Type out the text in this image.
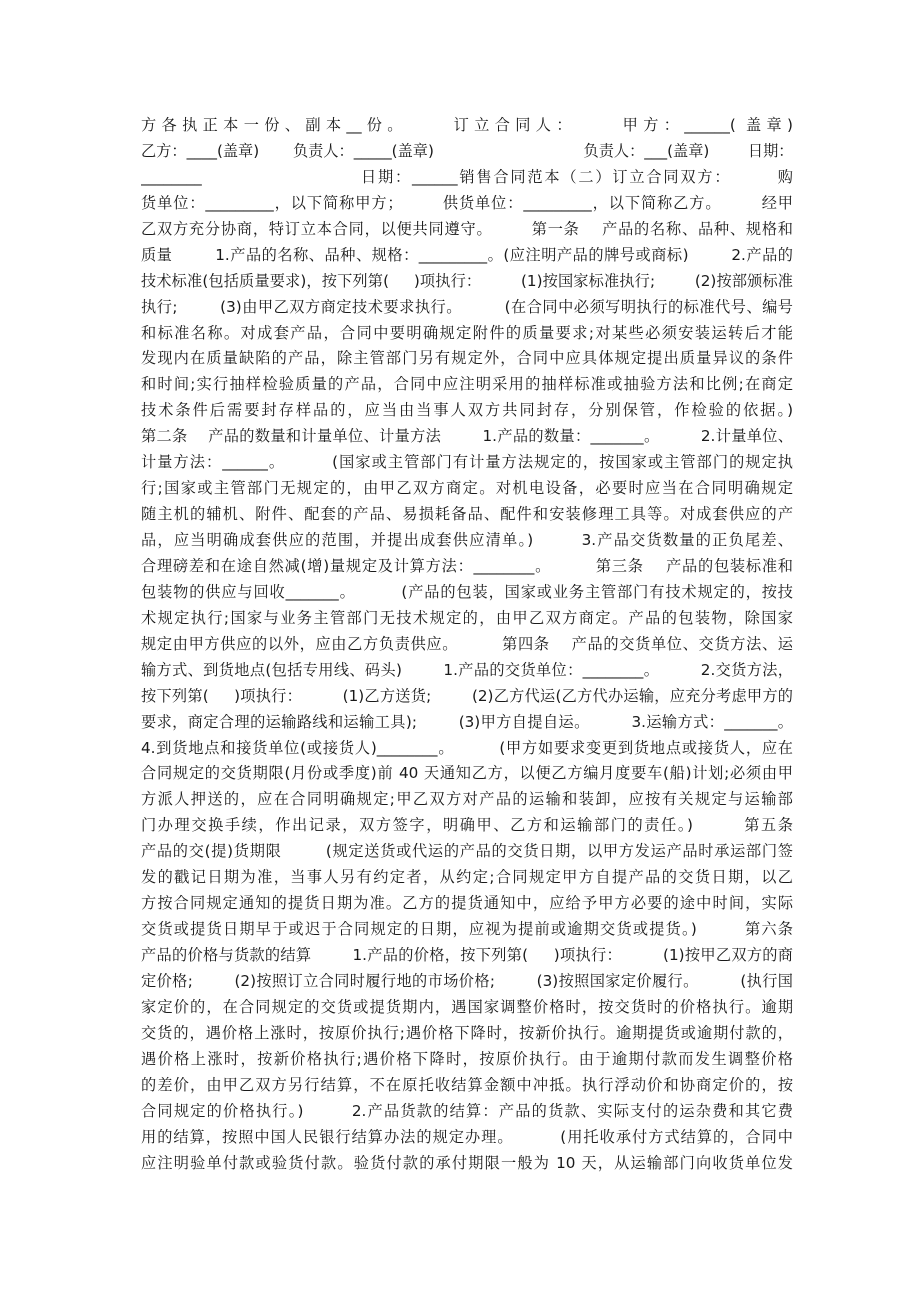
方 各 执 正 本 一 份 、 副 本 __ 份 。          订 立 合 同 人 ：          甲 方 ： ______(  盖 章 )
乙方：____(盖章)       负责人：_____(盖章)                               负责人：___(盖章)        日期：
________                        日期：______销售合同范本（二）订立合同双方：       购
货单位：_________，以下简称甲方；       供货单位：_________，以下简称乙方。       经甲
乙双方充分协商，特订立本合同，以便共同遵守。       第一条    产品的名称、品种、规格和
质量        1.产品的名称、品种、规格：_________。(应注明产品的牌号或商标)        2.产品的
技术标准(包括质量要求)，按下列第(     )项执行：        (1)按国家标准执行;        (2)按部颁标准
执行;        (3)由甲乙双方商定技术要求执行。        (在合同中必须写明执行的标准代号、编号
和标准名称。对成套产品，合同中要明确规定附件的质量要求;对某些必须安装运转后才能
发现内在质量缺陷的产品，除主管部门另有规定外，合同中应具体规定提出质量异议的条件
和时间;实行抽样检验质量的产品，合同中应注明采用的抽样标准或抽验方法和比例;在商定
技术条件后需要封存样品的，应当由当事人双方共同封存，分别保管，作检验的依据。)
第二条    产品的数量和计量单位、计量方法        1.产品的数量：_______。        2.计量单位、
计量方法：______。        (国家或主管部门有计量方法规定的，按国家或主管部门的规定执
行;国家或主管部门无规定的，由甲乙双方商定。对机电设备，必要时应当在合同明确规定
随主机的辅机、附件、配套的产品、易损耗备品、配件和安装修理工具等。对成套供应的产
品，应当明确成套供应的范围，并提出成套供应清单。)        3.产品交货数量的正负尾差、
合理磅差和在途自然减(增)量规定及计算方法：________。        第三条    产品的包装标准和
包装物的供应与回收_______。        (产品的包装，国家或业务主管部门有技术规定的，按技
术规定执行;国家与业务主管部门无技术规定的，由甲乙双方商定。产品的包装物，除国家
规定由甲方供应的以外，应由乙方负责供应。        第四条    产品的交货单位、交货方法、运
输方式、到货地点(包括专用线、码头)        1.产品的交货单位：________。        2.交货方法，
按下列第(     )项执行：        (1)乙方送货;        (2)乙方代运(乙方代办运输，应充分考虑甲方的
要求，商定合理的运输路线和运输工具);        (3)甲方自提自运。        3.运输方式：_______。
4.到货地点和接货单位(或接货人)________。        (甲方如要求变更到货地点或接货人，应在
合同规定的交货期限(月份或季度)前 40 天通知乙方，以便乙方编月度要车(船)计划;必须由甲
方派人押送的，应在合同明确规定;甲乙双方对产品的运输和装卸，应按有关规定与运输部
门办理交换手续，作出记录，双方签字，明确甲、乙方和运输部门的责任。)        第五条
产品的交(提)货期限        (规定送货或代运的产品的交货日期，以甲方发运产品时承运部门签
发的戳记日期为准，当事人另有约定者，从约定;合同规定甲方自提产品的交货日期，以乙
方按合同规定通知的提货日期为准。乙方的提货通知中，应给予甲方必要的途中时间，实际
交货或提货日期早于或迟于合同规定的日期，应视为提前或逾期交货或提货。)        第六条
产品的价格与货款的结算        1.产品的价格，按下列第(     )项执行：        (1)按甲乙双方的商
定价格;        (2)按照订立合同时履行地的市场价格;        (3)按照国家定价履行。        (执行国
家定价的，在合同规定的交货或提货期内，遇国家调整价格时，按交货时的价格执行。逾期
交货的，遇价格上涨时，按原价执行;遇价格下降时，按新价执行。逾期提货或逾期付款的，
遇价格上涨时，按新价格执行;遇价格下降时，按原价执行。由于逾期付款而发生调整价格
的差价，由甲乙双方另行结算，不在原托收结算金额中冲抵。执行浮动价和协商定价的，按
合同规定的价格执行。)        2.产品货款的结算：产品的货款、实际支付的运杂费和其它费
用的结算，按照中国人民银行结算办法的规定办理。        (用托收承付方式结算的，合同中
应注明验单付款或验货付款。验货付款的承付期限一般为 10 天，从运输部门向收货单位发
